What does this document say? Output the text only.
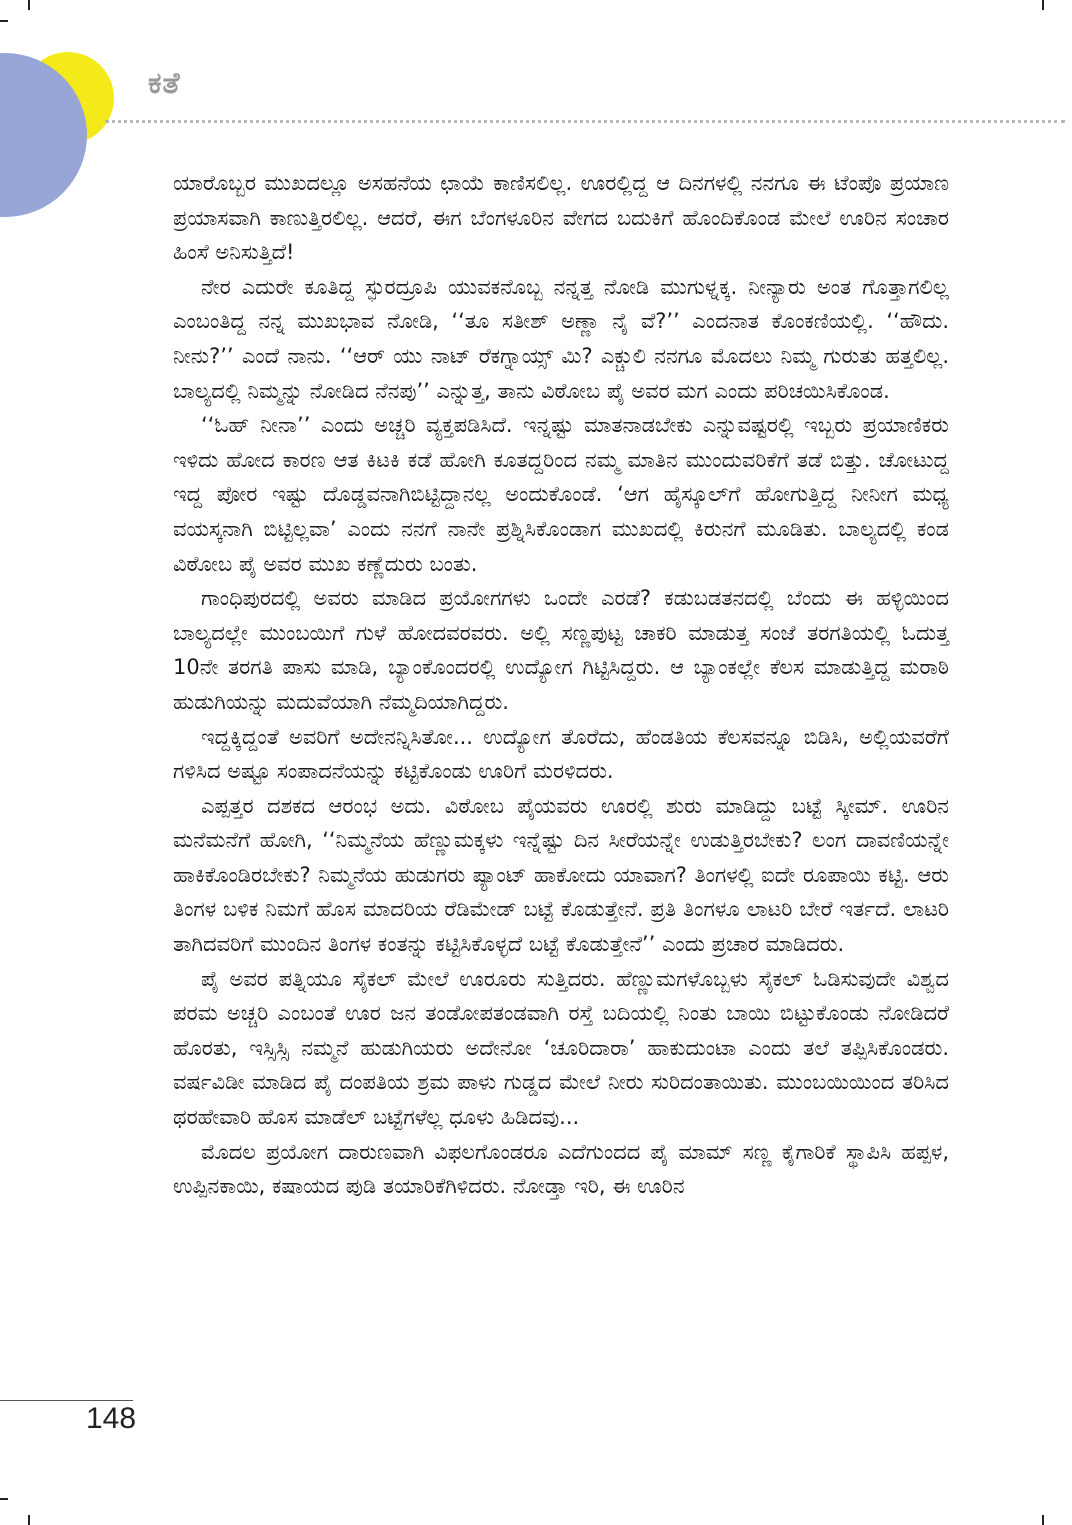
ಕತೆ

ಯಾರೊಬ್ಬರ ಮುಖದಲ್ಲೂ ಅಸಹನೆಯ ಛಾಯೆ ಕಾಣಿಸಲಿಲ್ಲ. ಊರಲ್ಲಿದ್ದ ಆ ದಿನಗಳಲ್ಲಿ ನನಗೂ ಈ ಟೆಂಪೊ ಪ್ರಯಾಣ ಪ್ರಯಾಸವಾಗಿ ಕಾಣುತ್ತಿರಲಿಲ್ಲ. ಆದರೆ, ಈಗ ಬೆಂಗಳೂರಿನ ವೇಗದ ಬದುಕಿಗೆ ಹೊಂದಿಕೊಂಡ ಮೇಲೆ ಊರಿನ ಸಂಚಾರ ಹಿಂಸೆ ಅನಿಸುತ್ತಿದೆ!

ನೇರ ಎದುರೇ ಕೂತಿದ್ದ ಸ್ಫುರದ್ರೂಪಿ ಯುವಕನೊಬ್ಬ ನನ್ನತ್ತ ನೋಡಿ ಮುಗುಳ್ನಕ್ಕ. ನೀನ್ಯಾರು ಅಂತ ಗೊತ್ತಾಗಲಿಲ್ಲ ಎಂಬಂತಿದ್ದ ನನ್ನ ಮುಖಭಾವ ನೋಡಿ, ‘‘ತೂ ಸತೀಶ್ ಅಣ್ಣಾ ನೈ ವೆ?’’ ಎಂದನಾತ ಕೊಂಕಣಿಯಲ್ಲಿ. ‘‘ಹೌದು. ನೀನು?’’ ಎಂದೆ ನಾನು. ‘‘ಆರ್ ಯು ನಾಟ್ ರೆಕಗ್ನಾಯ್ಸ್ ಮಿ? ಎಕ್ಚುಲಿ ನನಗೂ ಮೊದಲು ನಿಮ್ಮ ಗುರುತು ಹತ್ತಲಿಲ್ಲ. ಬಾಲ್ಯದಲ್ಲಿ ನಿಮ್ಮನ್ನು ನೋಡಿದ ನೆನಪು’’ ಎನ್ನುತ್ತ, ತಾನು ವಿಠೋಬ ಪೈ ಅವರ ಮಗ ಎಂದು ಪರಿಚಯಿಸಿಕೊಂಡ.

‘‘ಓಹ್ ನೀನಾ’’ ಎಂದು ಅಚ್ಚರಿ ವ್ಯಕ್ತಪಡಿಸಿದೆ. ಇನ್ನಷ್ಟು ಮಾತನಾಡಬೇಕು ಎನ್ನುವಷ್ಟರಲ್ಲಿ ಇಬ್ಬರು ಪ್ರಯಾಣಿಕರು ಇಳಿದು ಹೋದ ಕಾರಣ ಆತ ಕಿಟಕಿ ಕಡೆ ಹೋಗಿ ಕೂತದ್ದರಿಂದ ನಮ್ಮ ಮಾತಿನ ಮುಂದುವರಿಕೆಗೆ ತಡೆ ಬಿತ್ತು. ಚೋಟುದ್ದ ಇದ್ದ ಪೋರ ಇಷ್ಟು ದೊಡ್ಡವನಾಗಿಬಿಟ್ಟಿದ್ದಾನಲ್ಲ ಅಂದುಕೊಂಡೆ. ‘ಆಗ ಹೈಸ್ಕೂಲ್‌ಗೆ ಹೋಗುತ್ತಿದ್ದ ನೀನೀಗ ಮಧ್ಯ ವಯಸ್ಕನಾಗಿ ಬಿಟ್ಟಿಲ್ಲವಾ’ ಎಂದು ನನಗೆ ನಾನೇ ಪ್ರಶ್ನಿಸಿಕೊಂಡಾಗ ಮುಖದಲ್ಲಿ ಕಿರುನಗೆ ಮೂಡಿತು. ಬಾಲ್ಯದಲ್ಲಿ ಕಂಡ ವಿಠೋಬ ಪೈ ಅವರ ಮುಖ ಕಣ್ಣೆದುರು ಬಂತು.

ಗಾಂಧಿಪುರದಲ್ಲಿ ಅವರು ಮಾಡಿದ ಪ್ರಯೋಗಗಳು ಒಂದೇ ಎರಡೆ? ಕಡುಬಡತನದಲ್ಲಿ ಬೆಂದು ಈ ಹಳ್ಳಿಯಿಂದ ಬಾಲ್ಯದಲ್ಲೇ ಮುಂಬಯಿಗೆ ಗುಳೆ ಹೋದವರವರು. ಅಲ್ಲಿ ಸಣ್ಣಪುಟ್ಟ ಚಾಕರಿ ಮಾಡುತ್ತ ಸಂಜೆ ತರಗತಿಯಲ್ಲಿ ಓದುತ್ತ 10ನೇ ತರಗತಿ ಪಾಸು ಮಾಡಿ, ಬ್ಯಾಂಕೊಂದರಲ್ಲಿ ಉದ್ಯೋಗ ಗಿಟ್ಟಿಸಿದ್ದರು. ಆ ಬ್ಯಾಂಕಲ್ಲೇ ಕೆಲಸ ಮಾಡುತ್ತಿದ್ದ ಮರಾಠಿ ಹುಡುಗಿಯನ್ನು ಮದುವೆಯಾಗಿ ನೆಮ್ಮದಿಯಾಗಿದ್ದರು.

ಇದ್ದಕ್ಕಿದ್ದಂತೆ ಅವರಿಗೆ ಅದೇನನ್ನಿಸಿತೋ... ಉದ್ಯೋಗ ತೊರೆದು, ಹೆಂಡತಿಯ ಕೆಲಸವನ್ನೂ ಬಿಡಿಸಿ, ಅಲ್ಲಿಯವರೆಗೆ ಗಳಿಸಿದ ಅಷ್ಟೂ ಸಂಪಾದನೆಯನ್ನು ಕಟ್ಟಿಕೊಂಡು ಊರಿಗೆ ಮರಳಿದರು.

ಎಪ್ಪತ್ತರ ದಶಕದ ಆರಂಭ ಅದು. ವಿಠೋಬ ಪೈಯವರು ಊರಲ್ಲಿ ಶುರು ಮಾಡಿದ್ದು ಬಟ್ಟೆ ಸ್ಕೀಮ್. ಊರಿನ ಮನೆಮನೆಗೆ ಹೋಗಿ, ‘‘ನಿಮ್ಮನೆಯ ಹೆಣ್ಣುಮಕ್ಕಳು ಇನ್ನೆಷ್ಟು ದಿನ ಸೀರೆಯನ್ನೇ ಉಡುತ್ತಿರಬೇಕು? ಲಂಗ ದಾವಣಿಯನ್ನೇ ಹಾಕಿಕೊಂಡಿರಬೇಕು? ನಿಮ್ಮನೆಯ ಹುಡುಗರು ಪ್ಯಾಂಟ್ ಹಾಕೋದು ಯಾವಾಗ? ತಿಂಗಳಲ್ಲಿ ಐದೇ ರೂಪಾಯಿ ಕಟ್ಟಿ. ಆರು ತಿಂಗಳ ಬಳಿಕ ನಿಮಗೆ ಹೊಸ ಮಾದರಿಯ ರೆಡಿಮೇಡ್ ಬಟ್ಟೆ ಕೊಡುತ್ತೇನೆ. ಪ್ರತಿ ತಿಂಗಳೂ ಲಾಟರಿ ಬೇರೆ ಇರ್ತದೆ. ಲಾಟರಿ ತಾಗಿದವರಿಗೆ ಮುಂದಿನ ತಿಂಗಳ ಕಂತನ್ನು ಕಟ್ಟಿಸಿಕೊಳ್ಳದೆ ಬಟ್ಟೆ ಕೊಡುತ್ತೇನೆ’’ ಎಂದು ಪ್ರಚಾರ ಮಾಡಿದರು.

ಪೈ ಅವರ ಪತ್ನಿಯೂ ಸೈಕಲ್ ಮೇಲೆ ಊರೂರು ಸುತ್ತಿದರು. ಹೆಣ್ಣುಮಗಳೊಬ್ಬಳು ಸೈಕಲ್ ಓಡಿಸುವುದೇ ವಿಶ್ವದ ಪರಮ ಅಚ್ಚರಿ ಎಂಬಂತೆ ಊರ ಜನ ತಂಡೋಪತಂಡವಾಗಿ ರಸ್ತೆ ಬದಿಯಲ್ಲಿ ನಿಂತು ಬಾಯಿ ಬಿಟ್ಟುಕೊಂಡು ನೋಡಿದರೆ ಹೊರತು, ಇಸ್ಸಿಸ್ಸಿ ನಮ್ಮನೆ ಹುಡುಗಿಯರು ಅದೇನೋ ‘ಚೂರಿದಾರಾ’ ಹಾಕುದುಂಟಾ ಎಂದು ತಲೆ ತಪ್ಪಿಸಿಕೊಂಡರು. ವರ್ಷವಿಡೀ ಮಾಡಿದ ಪೈ ದಂಪತಿಯ ಶ್ರಮ ಪಾಳು ಗುಡ್ಡದ ಮೇಲೆ ನೀರು ಸುರಿದಂತಾಯಿತು. ಮುಂಬಯಿಯಿಂದ ತರಿಸಿದ ಥರಹೇವಾರಿ ಹೊಸ ಮಾಡೆಲ್ ಬಟ್ಟೆಗಳೆಲ್ಲ ಧೂಳು ಹಿಡಿದವು...

ಮೊದಲ ಪ್ರಯೋಗ ದಾರುಣವಾಗಿ ವಿಫಲಗೊಂಡರೂ ಎದೆಗುಂದದ ಪೈ ಮಾಮ್ ಸಣ್ಣ ಕೈಗಾರಿಕೆ ಸ್ಥಾಪಿಸಿ ಹಪ್ಪಳ, ಉಪ್ಪಿನಕಾಯಿ, ಕಷಾಯದ ಪುಡಿ ತಯಾರಿಕೆಗಿಳಿದರು. ನೋಡ್ತಾ ಇರಿ, ಈ ಊರಿನ

148
